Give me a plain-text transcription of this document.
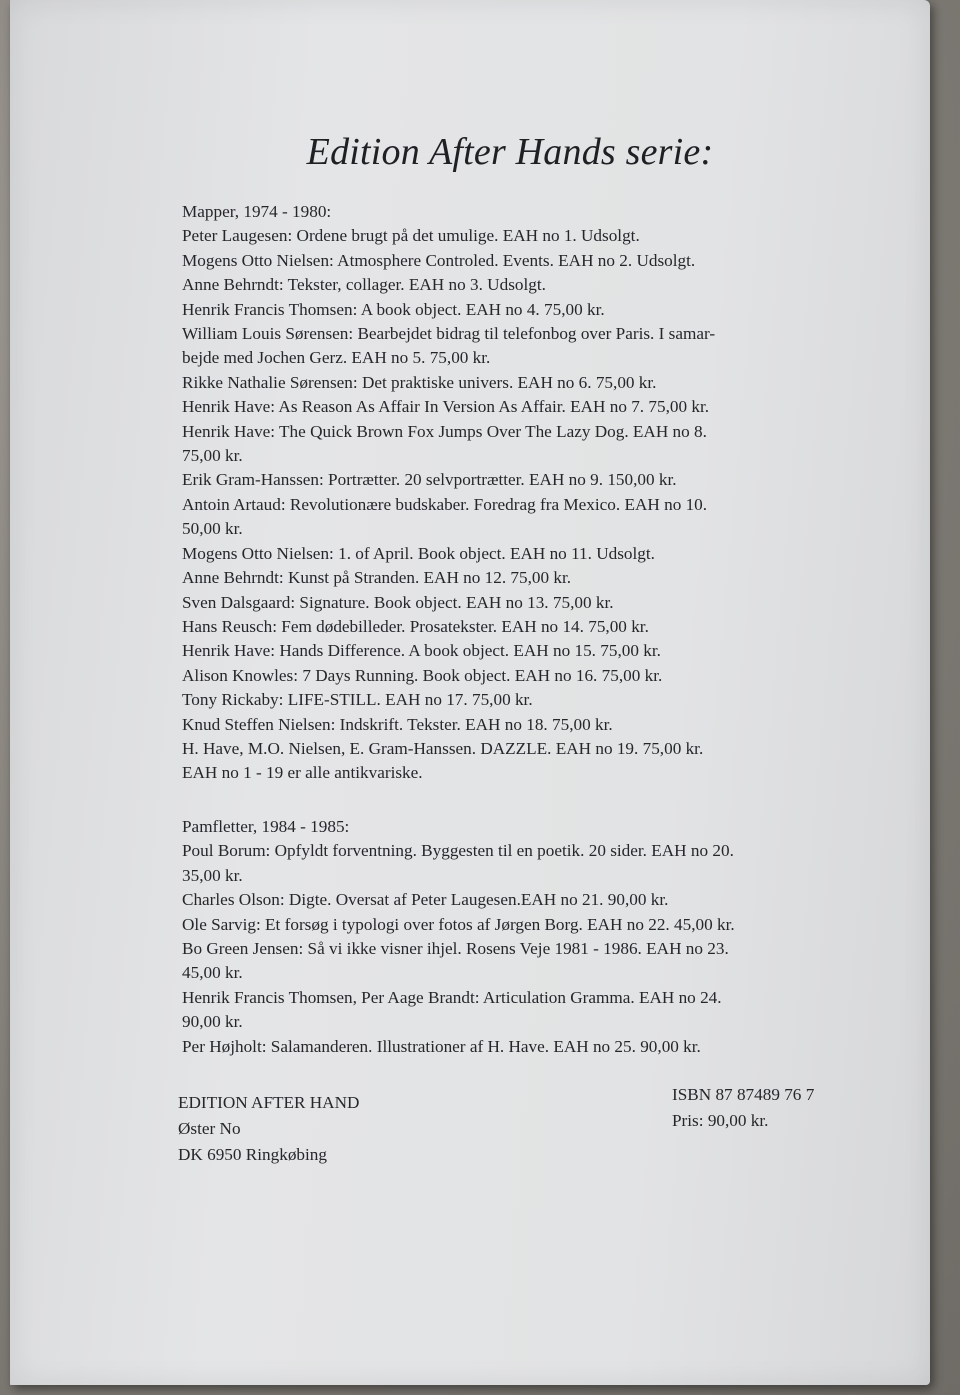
Edition After Hands serie:
Mapper, 1974 - 1980:
Peter Laugesen: Ordene brugt på det umulige. EAH no 1. Udsolgt.
Mogens Otto Nielsen: Atmosphere Controled. Events. EAH no 2. Udsolgt.
Anne Behrndt: Tekster, collager. EAH no 3. Udsolgt.
Henrik Francis Thomsen: A book object. EAH no 4. 75,00 kr.
William Louis Sørensen: Bearbejdet bidrag til telefonbog over Paris. I samar-
bejde med Jochen Gerz. EAH no 5. 75,00 kr.
Rikke Nathalie Sørensen: Det praktiske univers. EAH no 6. 75,00 kr.
Henrik Have: As Reason As Affair In Version As Affair. EAH no 7. 75,00 kr.
Henrik Have: The Quick Brown Fox Jumps Over The Lazy Dog. EAH no 8.
75,00 kr.
Erik Gram-Hanssen: Portrætter. 20 selvportrætter. EAH no 9. 150,00 kr.
Antoin Artaud: Revolutionære budskaber. Foredrag fra Mexico. EAH no 10.
50,00 kr.
Mogens Otto Nielsen: 1. of April. Book object. EAH no 11. Udsolgt.
Anne Behrndt: Kunst på Stranden. EAH no 12. 75,00 kr.
Sven Dalsgaard: Signature. Book object. EAH no 13. 75,00 kr.
Hans Reusch: Fem dødebilleder. Prosatekster. EAH no 14. 75,00 kr.
Henrik Have: Hands Difference. A book object. EAH no 15. 75,00 kr.
Alison Knowles: 7 Days Running. Book object. EAH no 16. 75,00 kr.
Tony Rickaby: LIFE-STILL. EAH no 17. 75,00 kr.
Knud Steffen Nielsen: Indskrift. Tekster. EAH no 18. 75,00 kr.
H. Have, M.O. Nielsen, E. Gram-Hanssen. DAZZLE. EAH no 19. 75,00 kr.
EAH no 1 - 19 er alle antikvariske.
Pamfletter, 1984 - 1985:
Poul Borum: Opfyldt forventning. Byggesten til en poetik. 20 sider. EAH no 20.
35,00 kr.
Charles Olson: Digte. Oversat af Peter Laugesen.EAH no 21. 90,00 kr.
Ole Sarvig: Et forsøg i typologi over fotos af Jørgen Borg. EAH no 22. 45,00 kr.
Bo Green Jensen: Så vi ikke visner ihjel. Rosens Veje 1981 - 1986. EAH no 23.
45,00 kr.
Henrik Francis Thomsen, Per Aage Brandt: Articulation Gramma. EAH no 24.
90,00 kr.
Per Højholt: Salamanderen. Illustrationer af H. Have. EAH no 25. 90,00 kr.
EDITION AFTER HAND
Øster No
DK 6950 Ringkøbing
ISBN 87 87489 76 7
Pris: 90,00 kr.
